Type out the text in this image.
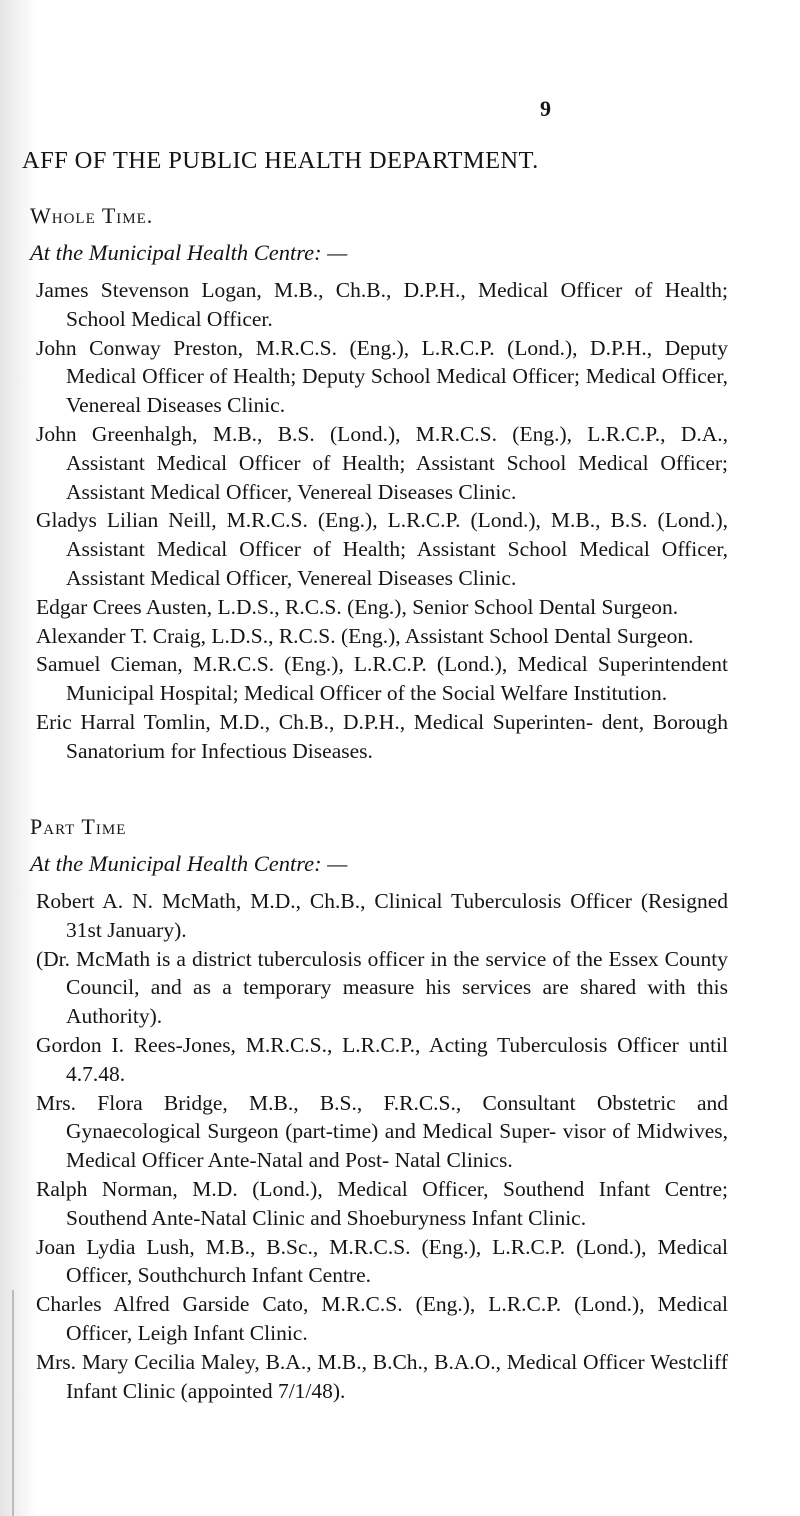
9
AFF OF THE PUBLIC HEALTH DEPARTMENT.
Whole Time.
At the Municipal Health Centre: —
James Stevenson Logan, M.B., Ch.B., D.P.H., Medical Officer of Health; School Medical Officer.
John Conway Preston, M.R.C.S. (Eng.), L.R.C.P. (Lond.), D.P.H., Deputy Medical Officer of Health; Deputy School Medical Officer; Medical Officer, Venereal Diseases Clinic.
John Greenhalgh, M.B., B.S. (Lond.), M.R.C.S. (Eng.), L.R.C.P., D.A., Assistant Medical Officer of Health; Assistant School Medical Officer; Assistant Medical Officer, Venereal Diseases Clinic.
Gladys Lilian Neill, M.R.C.S. (Eng.), L.R.C.P. (Lond.), M.B., B.S. (Lond.), Assistant Medical Officer of Health; Assistant School Medical Officer, Assistant Medical Officer, Venereal Diseases Clinic.
Edgar Crees Austen, L.D.S., R.C.S. (Eng.), Senior School Dental Surgeon.
Alexander T. Craig, L.D.S., R.C.S. (Eng.), Assistant School Dental Surgeon.
Samuel Cieman, M.R.C.S. (Eng.), L.R.C.P. (Lond.), Medical Superintendent Municipal Hospital; Medical Officer of the Social Welfare Institution.
Eric Harral Tomlin, M.D., Ch.B., D.P.H., Medical Superinten- dent, Borough Sanatorium for Infectious Diseases.
Part Time
At the Municipal Health Centre: —
Robert A. N. McMath, M.D., Ch.B., Clinical Tuberculosis Officer (Resigned 31st January).
(Dr. McMath is a district tuberculosis officer in the service of the Essex County Council, and as a temporary measure his services are shared with this Authority).
Gordon I. Rees-Jones, M.R.C.S., L.R.C.P., Acting Tuberculosis Officer until 4.7.48.
Mrs. Flora Bridge, M.B., B.S., F.R.C.S., Consultant Obstetric and Gynaecological Surgeon (part-time) and Medical Super- visor of Midwives, Medical Officer Ante-Natal and Post- Natal Clinics.
Ralph Norman, M.D. (Lond.), Medical Officer, Southend Infant Centre; Southend Ante-Natal Clinic and Shoeburyness Infant Clinic.
Joan Lydia Lush, M.B., B.Sc., M.R.C.S. (Eng.), L.R.C.P. (Lond.), Medical Officer, Southchurch Infant Centre.
Charles Alfred Garside Cato, M.R.C.S. (Eng.), L.R.C.P. (Lond.), Medical Officer, Leigh Infant Clinic.
Mrs. Mary Cecilia Maley, B.A., M.B., B.Ch., B.A.O., Medical Officer Westcliff Infant Clinic (appointed 7/1/48).
